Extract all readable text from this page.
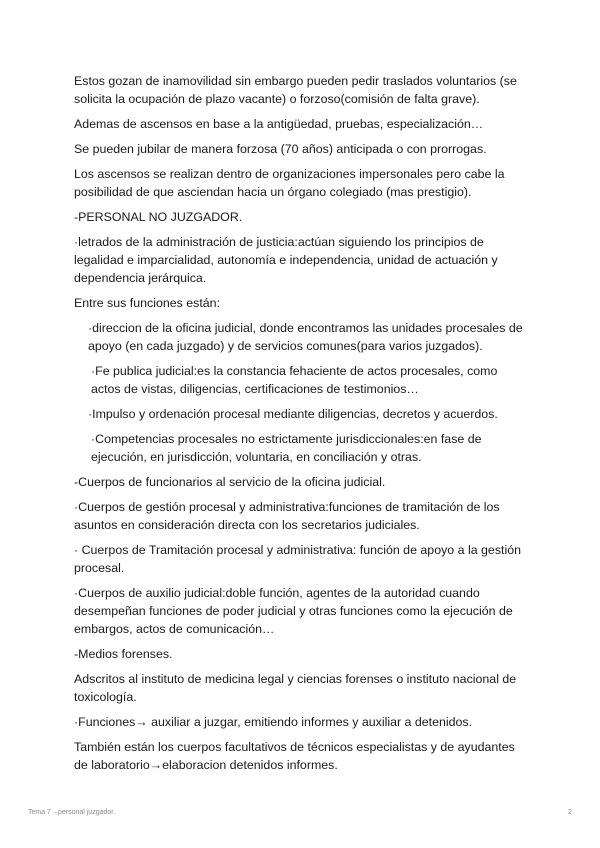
Estos gozan de inamovilidad sin embargo pueden pedir traslados voluntarios (se solicita la ocupación de plazo vacante) o forzoso(comisión de falta grave).

Ademas de ascensos en base a la antigüedad, pruebas, especialización…

Se pueden jubilar de manera forzosa (70 años) anticipada o con prorrogas.

Los ascensos se realizan dentro de organizaciones impersonales pero cabe la posibilidad de que asciendan hacia un órgano colegiado (mas prestigio).

-PERSONAL NO JUZGADOR.

·letrados de la administración de justicia:actúan siguiendo los principios de legalidad e imparcialidad, autonomía e independencia, unidad de actuación y dependencia jerárquica.

Entre sus funciones están:

·direccion de la oficina judicial, donde encontramos las unidades procesales de apoyo (en cada juzgado) y de servicios comunes(para varios juzgados).

·Fe publica judicial:es la constancia fehaciente de actos procesales, como actos de vistas, diligencias, certificaciones de testimonios…

·Impulso y ordenación procesal mediante diligencias, decretos y acuerdos.

·Competencias procesales no estrictamente jurisdiccionales:en fase de ejecución, en jurisdicción, voluntaria, en conciliación y otras.

-Cuerpos de funcionarios al servicio de la oficina judicial.

·Cuerpos de gestión procesal y administrativa:funciones de tramitación de los asuntos en consideración directa con los secretarios judiciales.

· Cuerpos de Tramitación procesal y administrativa: función de apoyo a la gestión procesal.

·Cuerpos de auxilio judicial:doble función, agentes de la autoridad cuando desempeñan funciones de poder judicial y otras funciones como la ejecución de embargos, actos de comunicación…

-Medios forenses.

Adscritos al instituto de medicina legal y ciencias forenses o instituto nacional de toxicología.

·Funciones→ auxiliar a juzgar, emitiendo informes y auxiliar a detenidos.

También están los cuerpos facultativos de técnicos especialistas y de ayudantes de laboratorio→elaboracion detenidos informes.

Tema 7→personal juzgador.	2
